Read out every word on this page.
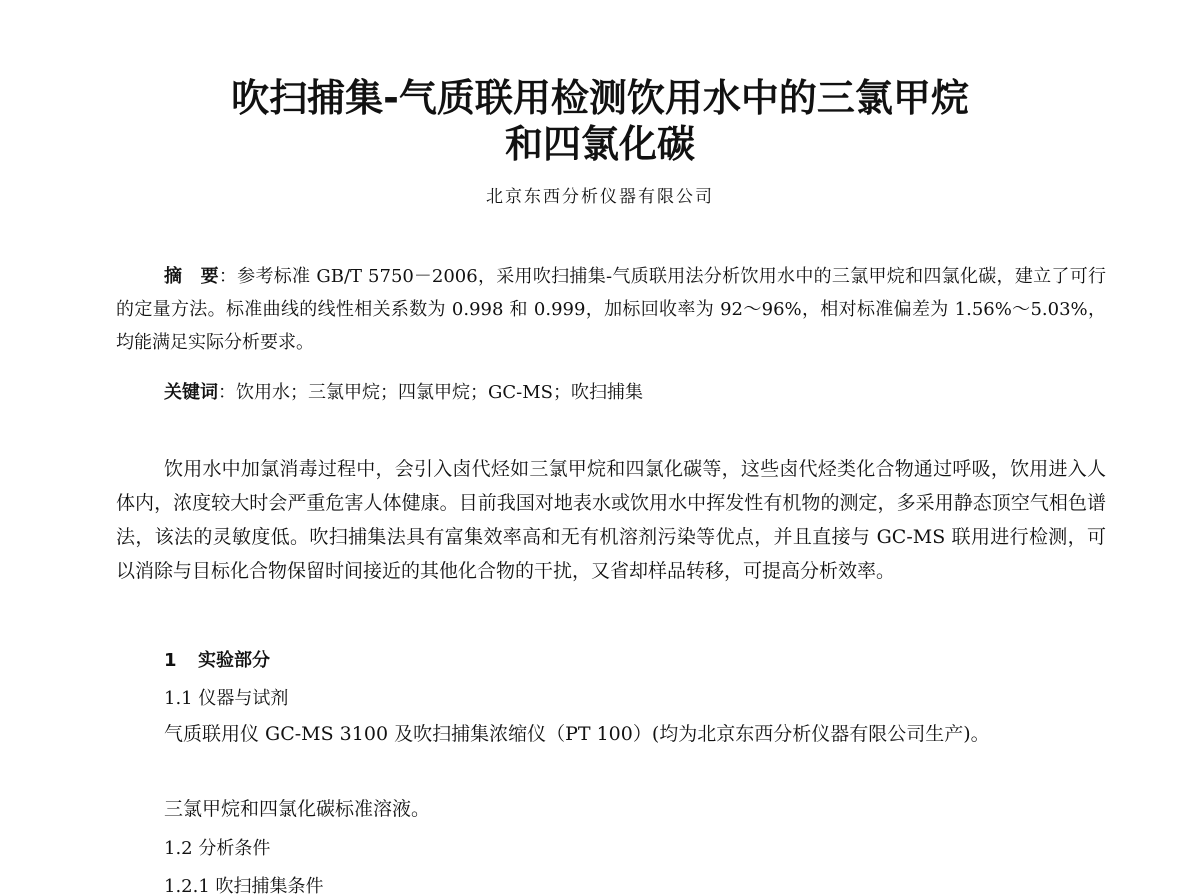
吹扫捕集-气质联用检测饮用水中的三氯甲烷
和四氯化碳
北京东西分析仪器有限公司

摘　要：参考标准 GB/T 5750－2006，采用吹扫捕集-气质联用法分析饮用水中的三氯甲烷和四氯化碳，建立了可行的定量方法。标准曲线的线性相关系数为 0.998 和 0.999，加标回收率为 92～96%，相对标准偏差为 1.56%～5.03%，均能满足实际分析要求。

关键词：饮用水；三氯甲烷；四氯甲烷；GC-MS；吹扫捕集

饮用水中加氯消毒过程中，会引入卤代烃如三氯甲烷和四氯化碳等，这些卤代烃类化合物通过呼吸，饮用进入人体内，浓度较大时会严重危害人体健康。目前我国对地表水或饮用水中挥发性有机物的测定，多采用静态顶空气相色谱法，该法的灵敏度低。吹扫捕集法具有富集效率高和无有机溶剂污染等优点，并且直接与 GC-MS 联用进行检测，可以消除与目标化合物保留时间接近的其他化合物的干扰，又省却样品转移，可提高分析效率。

1 实验部分

1.1 仪器与试剂

气质联用仪 GC-MS 3100 及吹扫捕集浓缩仪（PT 100）(均为北京东西分析仪器有限公司生产)。

三氯甲烷和四氯化碳标准溶液。

1.2 分析条件

1.2.1 吹扫捕集条件
